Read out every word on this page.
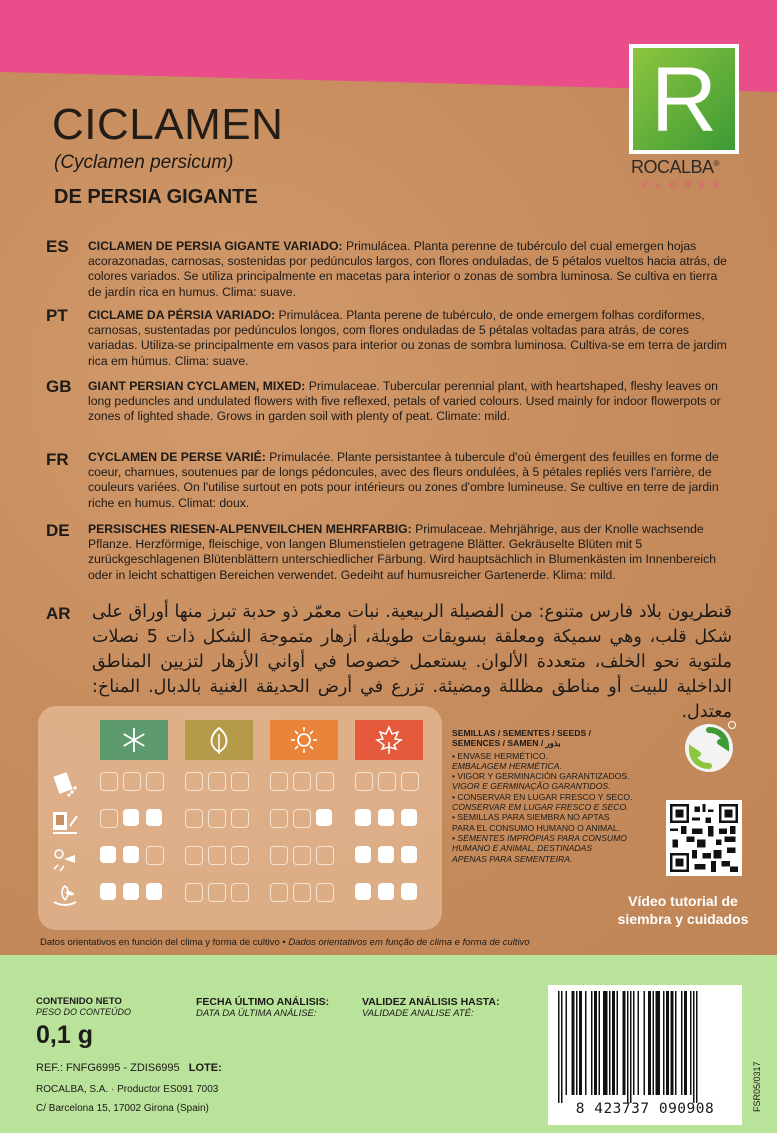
CICLAMEN
(Cyclamen persicum)
DE PERSIA GIGANTE
R
ROCALBA®
FLORES
ES CICLAMEN DE PERSIA GIGANTE VARIADO: Primulácea. Planta perenne de tubérculo del cual emergen hojas acorazonadas, carnosas, sostenidas por pedúnculos largos, con flores onduladas, de 5 pétalos vueltos hacia atrás, de colores variados. Se utiliza principalmente en macetas para interior o zonas de sombra luminosa. Se cultiva en tierra de jardín rica en humus. Clima: suave.
PT CICLAME DA PÉRSIA VARIADO: Primulácea. Planta perene de tubérculo, de onde emergem folhas cordiformes, carnosas, sustentadas por pedúnculos longos, com flores onduladas de 5 pétalas voltadas para atrás, de cores variadas. Utiliza-se principalmente em vasos para interior ou zonas de sombra luminosa. Cultiva-se em terra de jardim rica em húmus. Clima: suave.
GB GIANT PERSIAN CYCLAMEN, MIXED: Primulaceae. Tubercular perennial plant, with heartshaped, fleshy leaves on long peduncles and undulated flowers with five reflexed, petals of varied colours. Used mainly for indoor flowerpots or zones of lighted shade. Grows in garden soil with plenty of peat. Climate: mild.
FR CYCLAMEN DE PERSE VARIÉ: Primulacée. Plante persistantee à tubercule d'où émergent des feuilles en forme de coeur, charnues, soutenues par de longs pédoncules, avec des fleurs ondulées, à 5 pétales repliés vers l'arrière, de couleurs variées. On l'utilise surtout en pots pour intérieurs ou zones d'ombre lumineuse. Se cultive en terre de jardin riche en humus. Climat: doux.
DE PERSISCHES RIESEN-ALPENVEILCHEN MEHRFARBIG: Primulaceae. Mehrjährige, aus der Knolle wachsende Pflanze. Herzförmige, fleischige, von langen Blumenstielen getragene Blätter. Gekräuselte Blüten mit 5 zurückgeschlagenen Blütenblättern unterschiedlicher Färbung. Wird hauptsächlich in Blumenkästen im Innenbereich oder in leicht schattigen Bereichen verwendet. Gedeiht auf humusreicher Gartenerde. Klima: mild.
AR قنطريون بلاد فارس متنوع: من الفصيلة الربيعية. نبات معمّر ذو حدبة تبرز منها أوراق على شكل قلب، وهي سميكة ومعلقة بسويقات طويلة، أزهار متموجة الشكل ذات 5 نصلات ملتوية نحو الخلف، متعددة الألوان. يستعمل خصوصا في أواني الأزهار لتزيين المناطق الداخلية للبيت أو مناطق مظللة ومضيئة. تزرع في أرض الحديقة الغنية بالدبال. المناخ: معتدل.
SEMILLAS / SEMENTES / SEEDS /
SEMENCES / SAMEN / بذور
• ENVASE HERMÉTICO.
EMBALAGEM HERMÉTICA.
• VIGOR Y GERMINACIÓN GARANTIZADOS.
VIGOR E GERMINAÇÃO GARANTIDOS.
• CONSERVAR EN LUGAR FRESCO Y SECO.
CONSERVAR EM LUGAR FRESCO E SECO.
• SEMILLAS PARA SIEMBRA NO APTAS
PARA EL CONSUMO HUMANO O ANIMAL.
• SEMENTES IMPRÓPIAS PARA CONSUMO
HUMANO E ANIMAL, DESTINADAS
APENAS PARA SEMENTEIRA.
Vídeo tutorial de
siembra y cuidados
Datos orientativos en función del clima y forma de cultivo • Dados orientativos em função de clima e forma de cultivo
CONTENIDO NETO
PESO DO CONTEÚDO
0,1 g
FECHA ÚLTIMO ANÁLISIS:
DATA DA ÚLTIMA ANÁLISE:
VALIDEZ ANÁLISIS HASTA:
VALIDADE ANALISE ATÉ:
REF.: FNFG6995 - ZDIS6995 LOTE:
ROCALBA, S.A. · Productor ES091 7003
C/ Barcelona 15, 17002 Girona (Spain)	8 423737 090908	FSR05/0317
